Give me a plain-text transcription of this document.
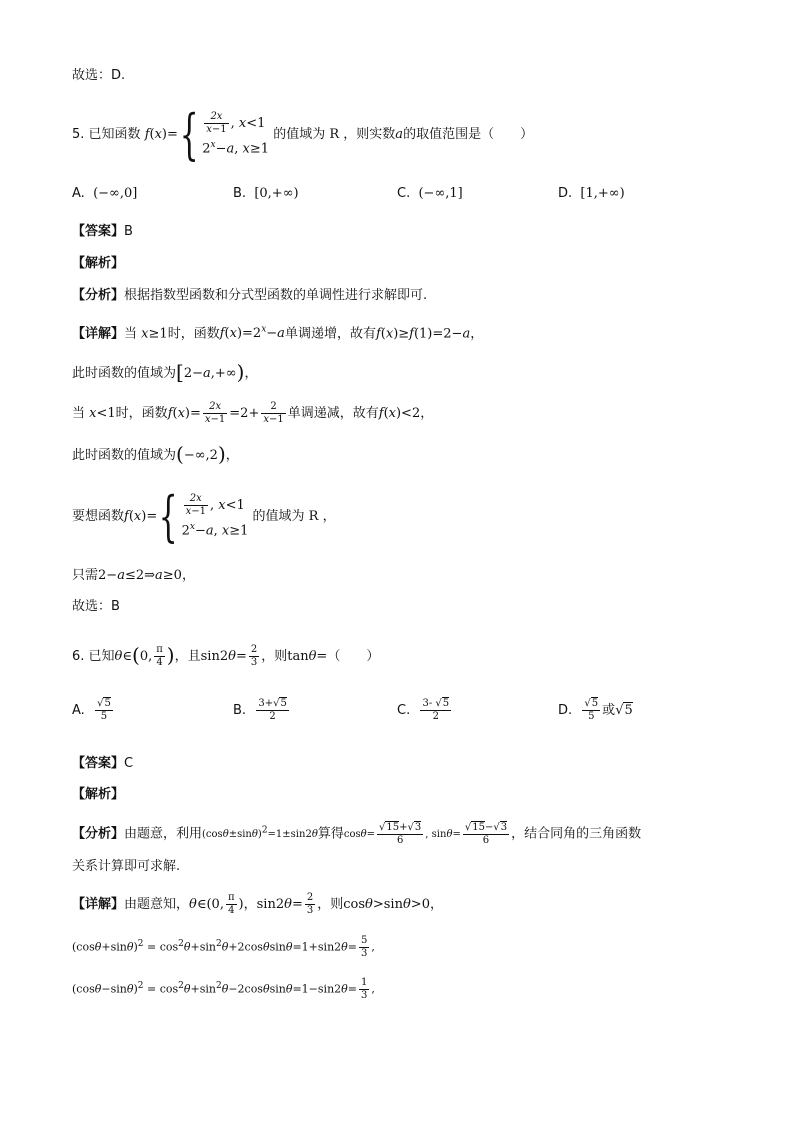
故选：D.
5. 已知函数 $f(x)=\{ \frac{2x}{x-1}$ , x<1
$2^x-a$, x≥1
的值域为 R ，则实数a的取值范围是（　　）
A. (−∞,0]	B. [0,+∞)	C. (−∞,1]	D. [1,+∞)
【答案】B
【解析】
【分析】根据指数型函数和分式型函数的单调性进行求解即可.
【详解】当 x≥1时，函数$f(x)=2^x-a$单调递增，故有f(x)≥f(1)=2−a，
此时函数的值域为[2−a,+∞)，
当 x<1时，函数$f(x)= \frac{2x}{x-1} =2+ \frac{2}{x-1}$ 单调递减，故有f(x)<2，
此时函数的值域为(−∞,2)，
要想函数$f(x)=\{ \frac{2x}{x-1}$ , x<1
$2^x-a$, x≥1
的值域为 R ，
只需2−a≤2⇒a≥0，
故选：B
6. 已知θ∈(0, $\frac{\pi}{4}$ )，且$\sin 2\theta= \frac{2}{3}$ ，则tanθ=（　　）
A. $\frac{√5}{5}$	B. $\frac{3+√5}{2}$	C. $\frac{3- √5}{2}$	D. $\frac{√5}{5}$ 或√5
【答案】C
【解析】
【分析】由题意，利用$(\cos\theta\pm\sin\theta)^2=1\pm\sin 2\theta$算得$\cos\theta= \frac{√15+√3}{6}$ , $\sin\theta= \frac{√15-√3}{6}$ ，结合同角的三角函数
关系计算即可求解.
【详解】由题意知，θ∈(0, $\frac{\pi}{4}$ )，$\sin 2\theta= \frac{2}{3}$ ，则cosθ>sinθ>0，
$(\cos\theta+\sin\theta)^2 = \cos^2\theta+\sin^2\theta+2\cos\theta\sin\theta=1+\sin 2\theta= \frac{5}{3}$ ,
$(\cos\theta-\sin\theta)^2 = \cos^2\theta+\sin^2\theta-2\cos\theta\sin\theta=1-\sin 2\theta= \frac{1}{3}$ ,
